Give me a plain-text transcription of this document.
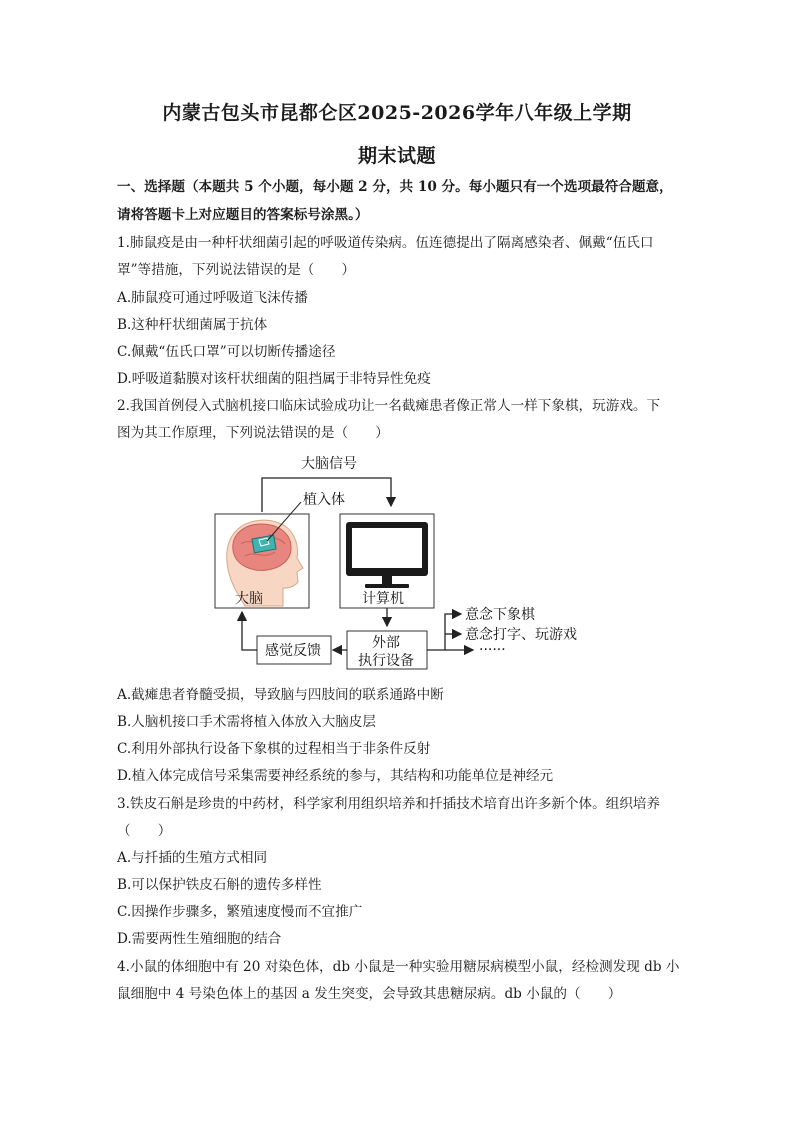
内蒙古包头市昆都仑区2025-2026学年八年级上学期
期末试题
一、选择题（本题共 5 个小题，每小题 2 分，共 10 分。每小题只有一个选项最符合题意，
请将答题卡上对应题目的答案标号涂黑。）
1.肺鼠疫是由一种杆状细菌引起的呼吸道传染病。伍连德提出了隔离感染者、佩戴“伍氏口
罩”等措施，下列说法错误的是（　　）
A.肺鼠疫可通过呼吸道飞沫传播
B.这种杆状细菌属于抗体
C.佩戴“伍氏口罩”可以切断传播途径
D.呼吸道黏膜对该杆状细菌的阻挡属于非特异性免疫
2.我国首例侵入式脑机接口临床试验成功让一名截瘫患者像正常人一样下象棋，玩游戏。下
图为其工作原理，下列说法错误的是（　　）
大脑信号
植入体
大脑	计算机
外部
执行设备
感觉反馈
意念下象棋
意念打字、玩游戏
······
A.截瘫患者脊髓受损，导致脑与四肢间的联系通路中断
B.人脑机接口手术需将植入体放入大脑皮层
C.利用外部执行设备下象棋的过程相当于非条件反射
D.植入体完成信号采集需要神经系统的参与，其结构和功能单位是神经元
3.铁皮石斛是珍贵的中药材，科学家利用组织培养和扦插技术培育出许多新个体。组织培养
（　　）
A.与扦插的生殖方式相同
B.可以保护铁皮石斛的遗传多样性
C.因操作步骤多，繁殖速度慢而不宜推广
D.需要两性生殖细胞的结合
4.小鼠的体细胞中有 20 对染色体，db 小鼠是一种实验用糖尿病模型小鼠，经检测发现 db 小
鼠细胞中 4 号染色体上的基因 a 发生突变，会导致其患糖尿病。db 小鼠的（　　）
